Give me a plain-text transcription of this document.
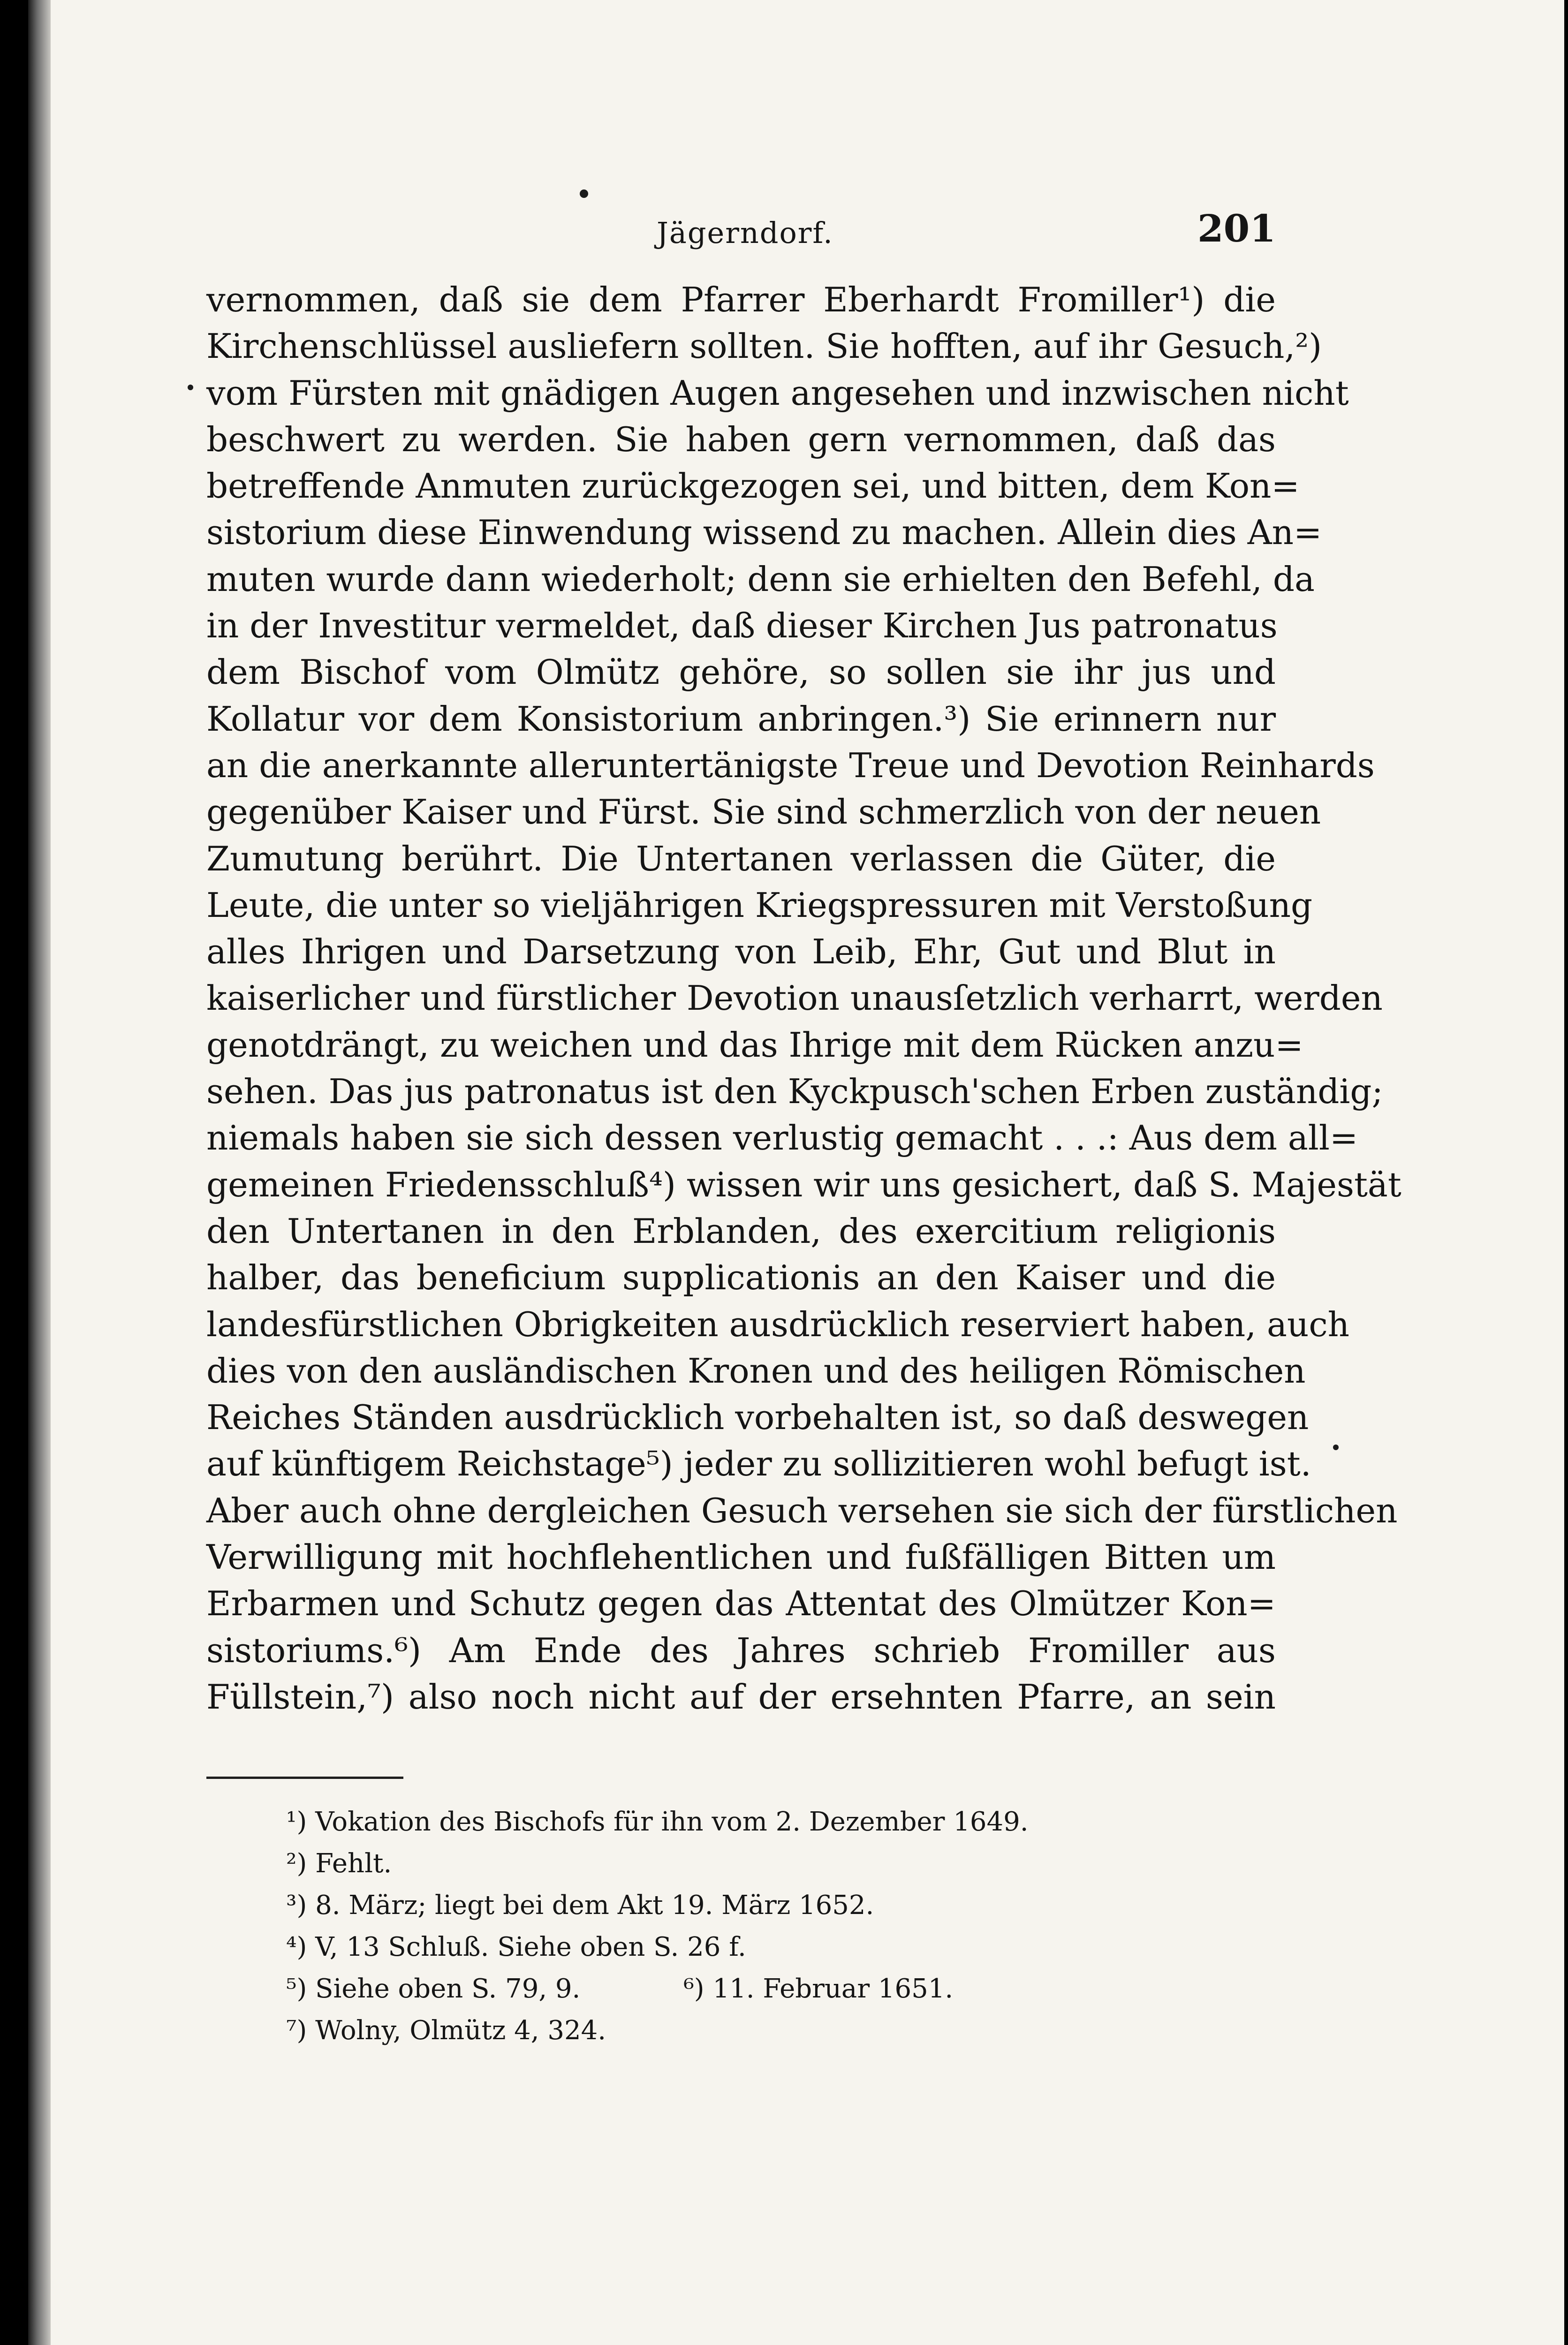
Jägerndorf.	201
vernommen, daß sie dem Pfarrer Eberhardt Fromiller¹) die
Kirchenschlüssel ausliefern sollten. Sie hofften, auf ihr Gesuch,²)
vom Fürsten mit gnädigen Augen angesehen und inzwischen nicht
beschwert zu werden. Sie haben gern vernommen, daß das
betreffende Anmuten zurückgezogen sei, und bitten, dem Kon=
sistorium diese Einwendung wissend zu machen. Allein dies An=
muten wurde dann wiederholt; denn sie erhielten den Befehl, da
in der Investitur vermeldet, daß dieser Kirchen Jus patronatus
dem Bischof vom Olmütz gehöre, so sollen sie ihr jus und
Kollatur vor dem Konsistorium anbringen.³) Sie erinnern nur
an die anerkannte alleruntertänigste Treue und Devotion Reinhards
gegenüber Kaiser und Fürst. Sie sind schmerzlich von der neuen
Zumutung berührt. Die Untertanen verlassen die Güter, die
Leute, die unter so vieljährigen Kriegspressuren mit Verstoßung
alles Ihrigen und Darsetzung von Leib, Ehr, Gut und Blut in
kaiserlicher und fürstlicher Devotion unausſetzlich verharrt, werden
genotdrängt, zu weichen und das Ihrige mit dem Rücken anzu=
sehen. Das jus patronatus ist den Kyckpusch'schen Erben zuständig;
niemals haben sie sich dessen verlustig gemacht . . .: Aus dem all=
gemeinen Friedensschluß⁴) wissen wir uns gesichert, daß S. Majestät
den Untertanen in den Erblanden, des exercitium religionis
halber, das beneficium supplicationis an den Kaiser und die
landesfürstlichen Obrigkeiten ausdrücklich reserviert haben, auch
dies von den ausländischen Kronen und des heiligen Römischen
Reiches Ständen ausdrücklich vorbehalten ist, so daß deswegen
auf künftigem Reichstage⁵) jeder zu sollizitieren wohl befugt ist.
Aber auch ohne dergleichen Gesuch versehen sie sich der fürstlichen
Verwilligung mit hochflehentlichen und fußfälligen Bitten um
Erbarmen und Schutz gegen das Attentat des Olmützer Kon=
sistoriums.⁶) Am Ende des Jahres schrieb Fromiller aus
Füllstein,⁷) also noch nicht auf der ersehnten Pfarre, an sein
¹) Vokation des Bischofs für ihn vom 2. Dezember 1649.
²) Fehlt.
³) 8. März; liegt bei dem Akt 19. März 1652.
⁴) V, 13 Schluß. Siehe oben S. 26 f.
⁵) Siehe oben S. 79, 9.	⁶) 11. Februar 1651.
⁷) Wolny, Olmütz 4, 324.
